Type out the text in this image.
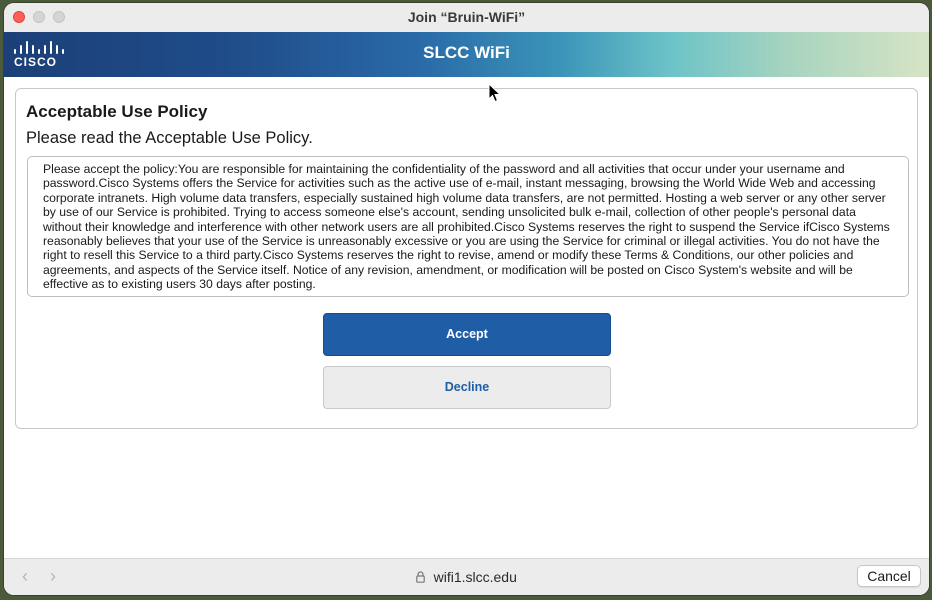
Join “Bruin-WiFi”
CISCO	SLCC WiFi
Acceptable Use Policy
Please read the Acceptable Use Policy.
Please accept the policy:You are responsible for maintaining the confidentiality of the password and all activities that occur under your username and password.Cisco Systems offers the Service for activities such as the active use of e-mail, instant messaging, browsing the World Wide Web and accessing corporate intranets. High volume data transfers, especially sustained high volume data transfers, are not permitted. Hosting a web server or any other server by use of our Service is prohibited. Trying to access someone else's account, sending unsolicited bulk e-mail, collection of other people's personal data without their knowledge and interference with other network users are all prohibited.Cisco Systems reserves the right to suspend the Service ifCisco Systems reasonably believes that your use of the Service is unreasonably excessive or you are using the Service for criminal or illegal activities. You do not have the right to resell this Service to a third party.Cisco Systems reserves the right to revise, amend or modify these Terms & Conditions, our other policies and agreements, and aspects of the Service itself. Notice of any revision, amendment, or modification will be posted on Cisco System's website and will be effective as to existing users 30 days after posting.
Accept
Decline
‹ ›	wifi1.slcc.edu	Cancel
